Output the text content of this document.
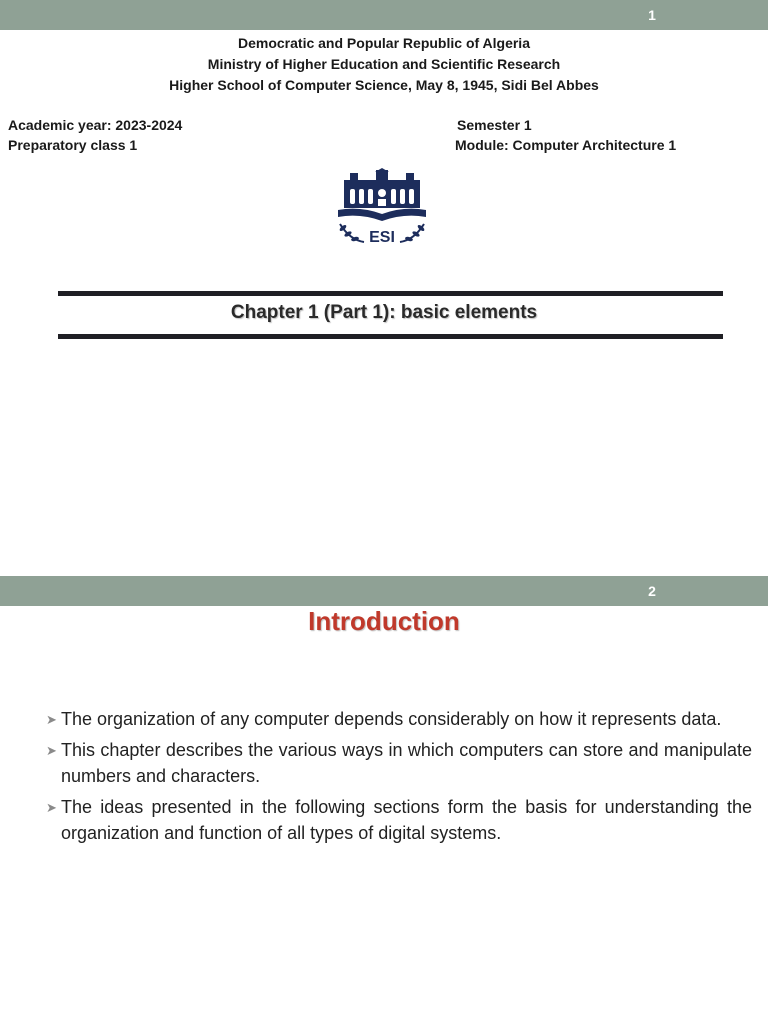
1
Democratic and Popular Republic of Algeria
Ministry of Higher Education and Scientific Research
Higher School of Computer Science, May 8, 1945, Sidi Bel Abbes
Academic year: 2023-2024
Preparatory class 1
Semester 1
Module: Computer Architecture 1
ESI
Chapter 1 (Part 1): basic elements
2
Introduction
➤ The organization of any computer depends considerably on how it represents data.
➤ This chapter describes the various ways in which computers can store and manipulate numbers and characters.
➤ The ideas presented in the following sections form the basis for understanding the organization and function of all types of digital systems.
